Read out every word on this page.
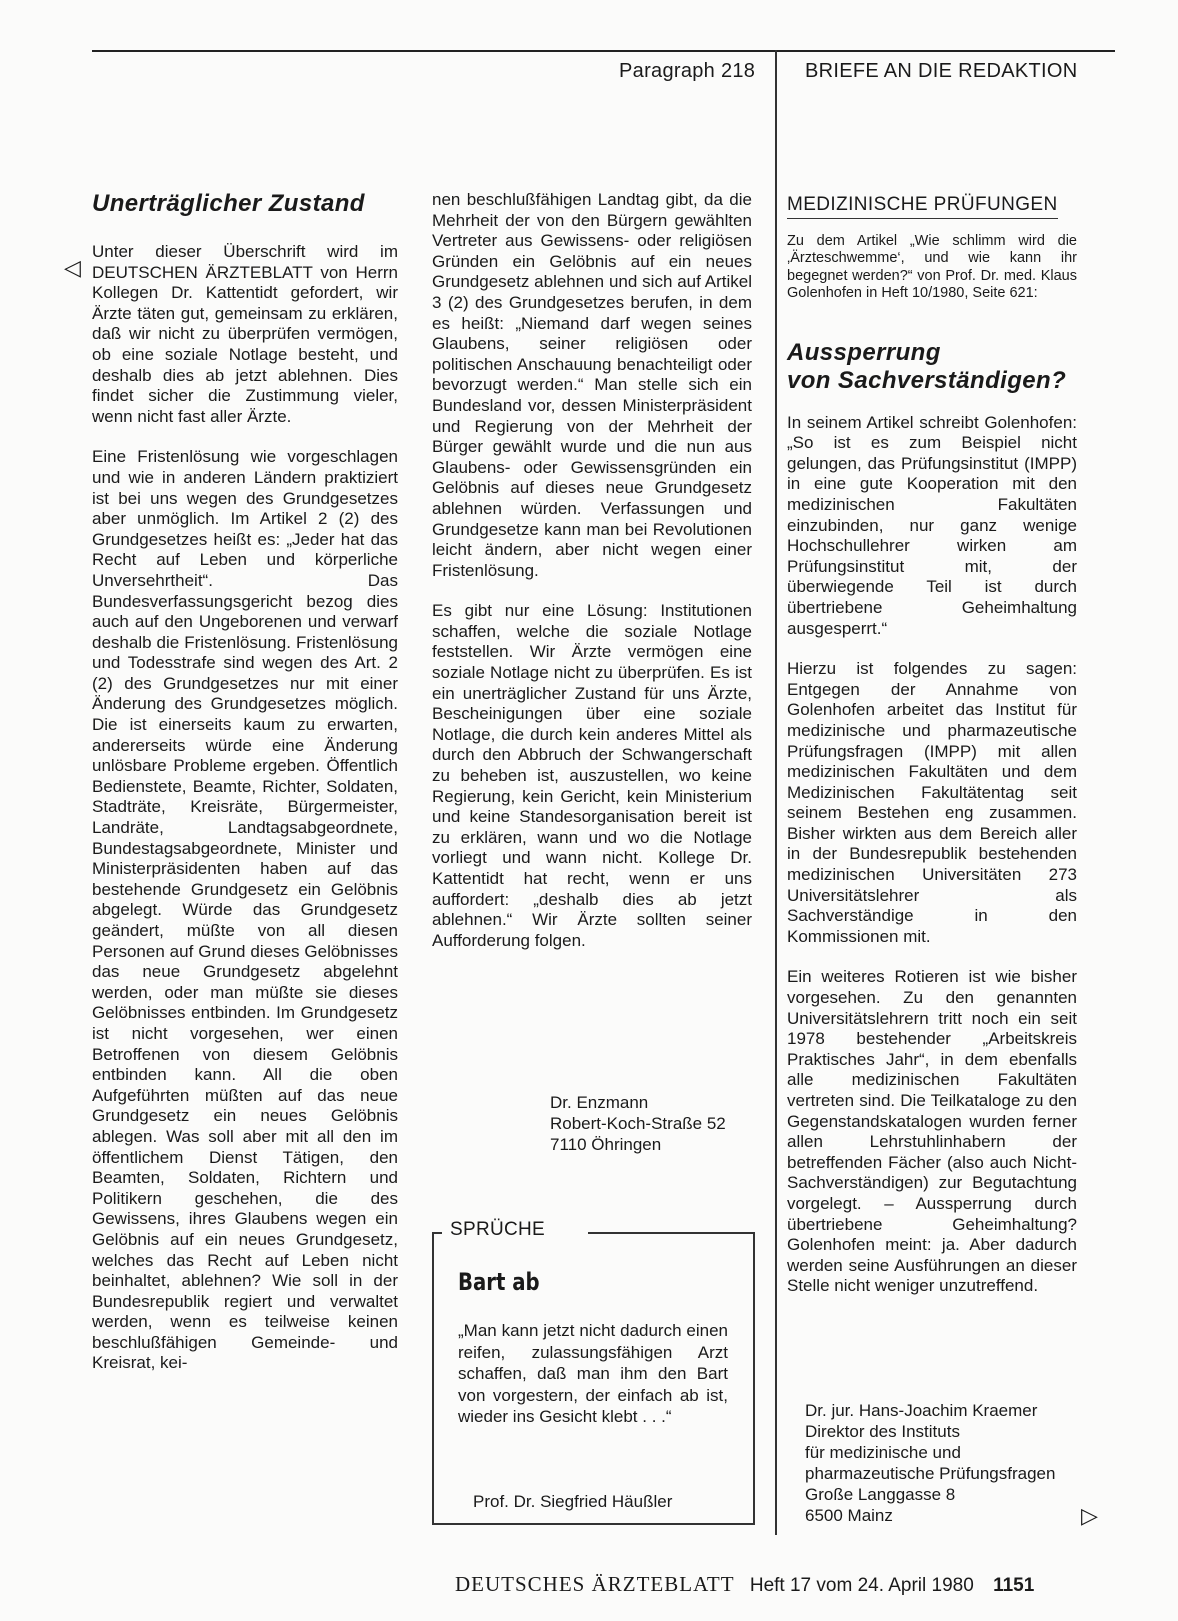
Paragraph 218 BRIEFE AN DIE REDAKTION
Unerträglicher Zustand

Unter dieser Überschrift wird im DEUTSCHEN ÄRZTEBLATT von Herrn Kollegen Dr. Kattentidt gefordert, wir Ärzte täten gut, gemeinsam zu erklären, daß wir nicht zu überprüfen vermögen, ob eine soziale Notlage besteht, und deshalb dies ab jetzt ablehnen. Dies findet sicher die Zustimmung vieler, wenn nicht fast aller Ärzte.

Eine Fristenlösung wie vorgeschlagen und wie in anderen Ländern praktiziert ist bei uns wegen des Grundgesetzes aber unmöglich. Im Artikel 2 (2) des Grundgesetzes heißt es: „Jeder hat das Recht auf Leben und körperliche Unversehrtheit“. Das Bundesverfassungsgericht bezog dies auch auf den Ungeborenen und verwarf deshalb die Fristenlösung. Fristenlösung und Todesstrafe sind wegen des Art. 2 (2) des Grundgesetzes nur mit einer Änderung des Grundgesetzes möglich. Die ist einerseits kaum zu erwarten, andererseits würde eine Änderung unlösbare Probleme ergeben. Öffentlich Bedienstete, Beamte, Richter, Soldaten, Stadträte, Kreisräte, Bürgermeister, Landräte, Landtagsabgeordnete, Bundestagsabgeordnete, Minister und Ministerpräsidenten haben auf das bestehende Grundgesetz ein Gelöbnis abgelegt. Würde das Grundgesetz geändert, müßte von all diesen Personen auf Grund dieses Gelöbnisses das neue Grundgesetz abgelehnt werden, oder man müßte sie dieses Gelöbnisses entbinden. Im Grundgesetz ist nicht vorgesehen, wer einen Betroffenen von diesem Gelöbnis entbinden kann. All die oben Aufgeführten müßten auf das neue Grundgesetz ein neues Gelöbnis ablegen. Was soll aber mit all den im öffentlichem Dienst Tätigen, den Beamten, Soldaten, Richtern und Politikern geschehen, die des Gewissens, ihres Glaubens wegen ein Gelöbnis auf ein neues Grundgesetz, welches das Recht auf Leben nicht beinhaltet, ablehnen? Wie soll in der Bundesrepublik regiert und verwaltet werden, wenn es teilweise keinen beschlußfähigen Gemeinde- und Kreisrat, kei-

◁

nen beschlußfähigen Landtag gibt, da die Mehrheit der von den Bürgern gewählten Vertreter aus Gewissens- oder religiösen Gründen ein Gelöbnis auf ein neues Grundgesetz ablehnen und sich auf Artikel 3 (2) des Grundgesetzes berufen, in dem es heißt: „Niemand darf wegen seines Glaubens, seiner religiösen oder politischen Anschauung benachteiligt oder bevorzugt werden.“ Man stelle sich ein Bundesland vor, dessen Ministerpräsident und Regierung von der Mehrheit der Bürger gewählt wurde und die nun aus Glaubens- oder Gewissensgründen ein Gelöbnis auf dieses neue Grundgesetz ablehnen würden. Verfassungen und Grundgesetze kann man bei Revolutionen leicht ändern, aber nicht wegen einer Fristenlösung.

Es gibt nur eine Lösung: Institutionen schaffen, welche die soziale Notlage feststellen. Wir Ärzte vermögen eine soziale Notlage nicht zu überprüfen. Es ist ein unerträglicher Zustand für uns Ärzte, Bescheinigungen über eine soziale Notlage, die durch kein anderes Mittel als durch den Abbruch der Schwangerschaft zu beheben ist, auszustellen, wo keine Regierung, kein Gericht, kein Ministerium und keine Standesorganisation bereit ist zu erklären, wann und wo die Notlage vorliegt und wann nicht. Kollege Dr. Kattentidt hat recht, wenn er uns auffordert: „deshalb dies ab jetzt ablehnen.“ Wir Ärzte sollten seiner Aufforderung folgen.

Dr. Enzmann
Robert-Koch-Straße 52
7110 Öhringen
SPRÜCHE
Bart ab
„Man kann jetzt nicht dadurch einen reifen, zulassungsfähigen Arzt schaffen, daß man ihm den Bart von vorgestern, der einfach ab ist, wieder ins Gesicht klebt . . .“
Prof. Dr. Siegfried Häußler
MEDIZINISCHE PRÜFUNGEN
Zu dem Artikel „Wie schlimm wird die ‚Ärzteschwemme‘, und wie kann ihr begegnet werden?“ von Prof. Dr. med. Klaus Golenhofen in Heft 10/1980, Seite 621:
Aussperrung
von Sachverständigen?

In seinem Artikel schreibt Golenhofen: „So ist es zum Beispiel nicht gelungen, das Prüfungsinstitut (IMPP) in eine gute Kooperation mit den medizinischen Fakultäten einzubinden, nur ganz wenige Hochschullehrer wirken am Prüfungsinstitut mit, der überwiegende Teil ist durch übertriebene Geheimhaltung ausgesperrt.“

Hierzu ist folgendes zu sagen: Entgegen der Annahme von Golenhofen arbeitet das Institut für medizinische und pharmazeutische Prüfungsfragen (IMPP) mit allen medizinischen Fakultäten und dem Medizinischen Fakultätentag seit seinem Bestehen eng zusammen. Bisher wirkten aus dem Bereich aller in der Bundesrepublik bestehenden medizinischen Universitäten 273 Universitätslehrer als Sachverständige in den Kommissionen mit.

Ein weiteres Rotieren ist wie bisher vorgesehen. Zu den genannten Universitätslehrern tritt noch ein seit 1978 bestehender „Arbeitskreis Praktisches Jahr“, in dem ebenfalls alle medizinischen Fakultäten vertreten sind. Die Teilkataloge zu den Gegenstandskatalogen wurden ferner allen Lehrstuhlinhabern der betreffenden Fächer (also auch Nicht-Sachverständigen) zur Begutachtung vorgelegt. – Aussperrung durch übertriebene Geheimhaltung? Golenhofen meint: ja. Aber dadurch werden seine Ausführungen an dieser Stelle nicht weniger unzutreffend.

Dr. jur. Hans-Joachim Kraemer
Direktor des Instituts
für medizinische und
pharmazeutische Prüfungsfragen
Große Langgasse 8
6500 Mainz	▷
DEUTSCHES ÄRZTEBLATT Heft 17 vom 24. April 1980 1151
